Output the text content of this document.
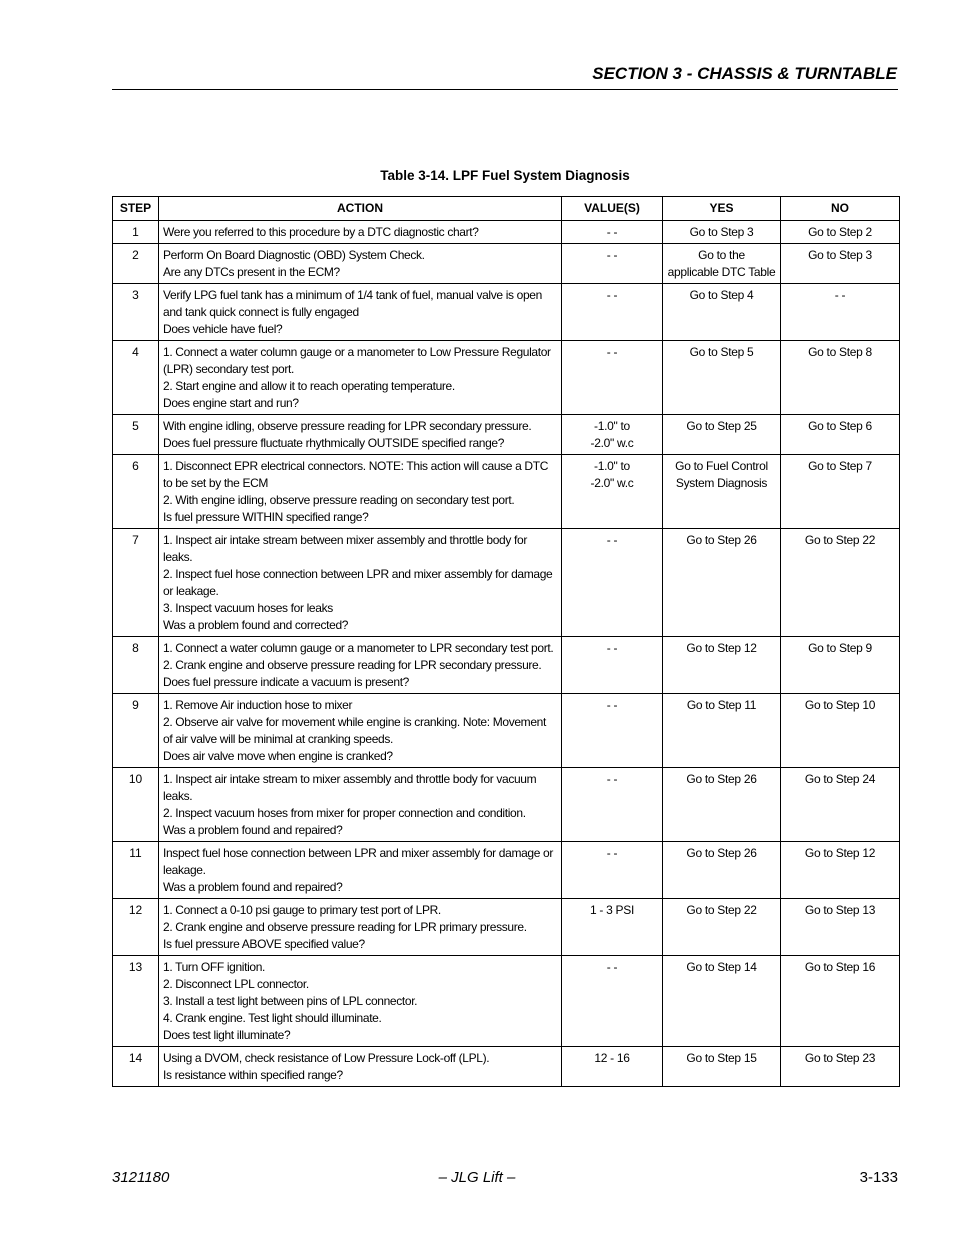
SECTION 3 - CHASSIS & TURNTABLE
Table 3-14. LPF Fuel System Diagnosis
STEP	ACTION	VALUE(S)	YES	NO
1	Were you referred to this procedure by a DTC diagnostic chart?	- -	Go to Step 3	Go to Step 2
2	Perform On Board Diagnostic (OBD) System Check.
Are any DTCs present in the ECM?	- -	Go to the
applicable DTC Table	Go to Step 3
3	Verify LPG fuel tank has a minimum of 1/4 tank of fuel, manual valve is open and tank quick connect is fully engaged
Does vehicle have fuel?	- -	Go to Step 4	- -
4	1. Connect a water column gauge or a manometer to Low Pressure Regulator (LPR) secondary test port.
2. Start engine and allow it to reach operating temperature.
Does engine start and run?	- -	Go to Step 5	Go to Step 8
5	With engine idling, observe pressure reading for LPR secondary pressure.
Does fuel pressure fluctuate rhythmically OUTSIDE specified range?	-1.0" to
-2.0" w.c	Go to Step 25	Go to Step 6
6	1. Disconnect EPR electrical connectors. NOTE: This action will cause a DTC to be set by the ECM
2. With engine idling, observe pressure reading on secondary test port.
Is fuel pressure WITHIN specified range?	-1.0" to
-2.0" w.c	Go to Fuel Control
System Diagnosis	Go to Step 7
7	1. Inspect air intake stream between mixer assembly and throttle body for leaks.
2. Inspect fuel hose connection between LPR and mixer assembly for damage or leakage.
3. Inspect vacuum hoses for leaks
Was a problem found and corrected?	- -	Go to Step 26	Go to Step 22
8	1. Connect a water column gauge or a manometer to LPR secondary test port.
2. Crank engine and observe pressure reading for LPR secondary pressure.
Does fuel pressure indicate a vacuum is present?	- -	Go to Step 12	Go to Step 9
9	1. Remove Air induction hose to mixer
2. Observe air valve for movement while engine is cranking. Note: Movement of air valve will be minimal at cranking speeds.
Does air valve move when engine is cranked?	- -	Go to Step 11	Go to Step 10
10	1. Inspect air intake stream to mixer assembly and throttle body for vacuum leaks.
2. Inspect vacuum hoses from mixer for proper connection and condition.
Was a problem found and repaired?	- -	Go to Step 26	Go to Step 24
11	Inspect fuel hose connection between LPR and mixer assembly for damage or leakage.
Was a problem found and repaired?	- -	Go to Step 26	Go to Step 12
12	1. Connect a 0-10 psi gauge to primary test port of LPR.
2. Crank engine and observe pressure reading for LPR primary pressure.
Is fuel pressure ABOVE specified value?	1 - 3 PSI	Go to Step 22	Go to Step 13
13	1. Turn OFF ignition.
2. Disconnect LPL connector.
3. Install a test light between pins of LPL connector.
4. Crank engine. Test light should illuminate.
Does test light illuminate?	- -	Go to Step 14	Go to Step 16
14	Using a DVOM, check resistance of Low Pressure Lock-off (LPL).
Is resistance within specified range?	12 - 16	Go to Step 15	Go to Step 23
3121180	– JLG Lift –	3-133
